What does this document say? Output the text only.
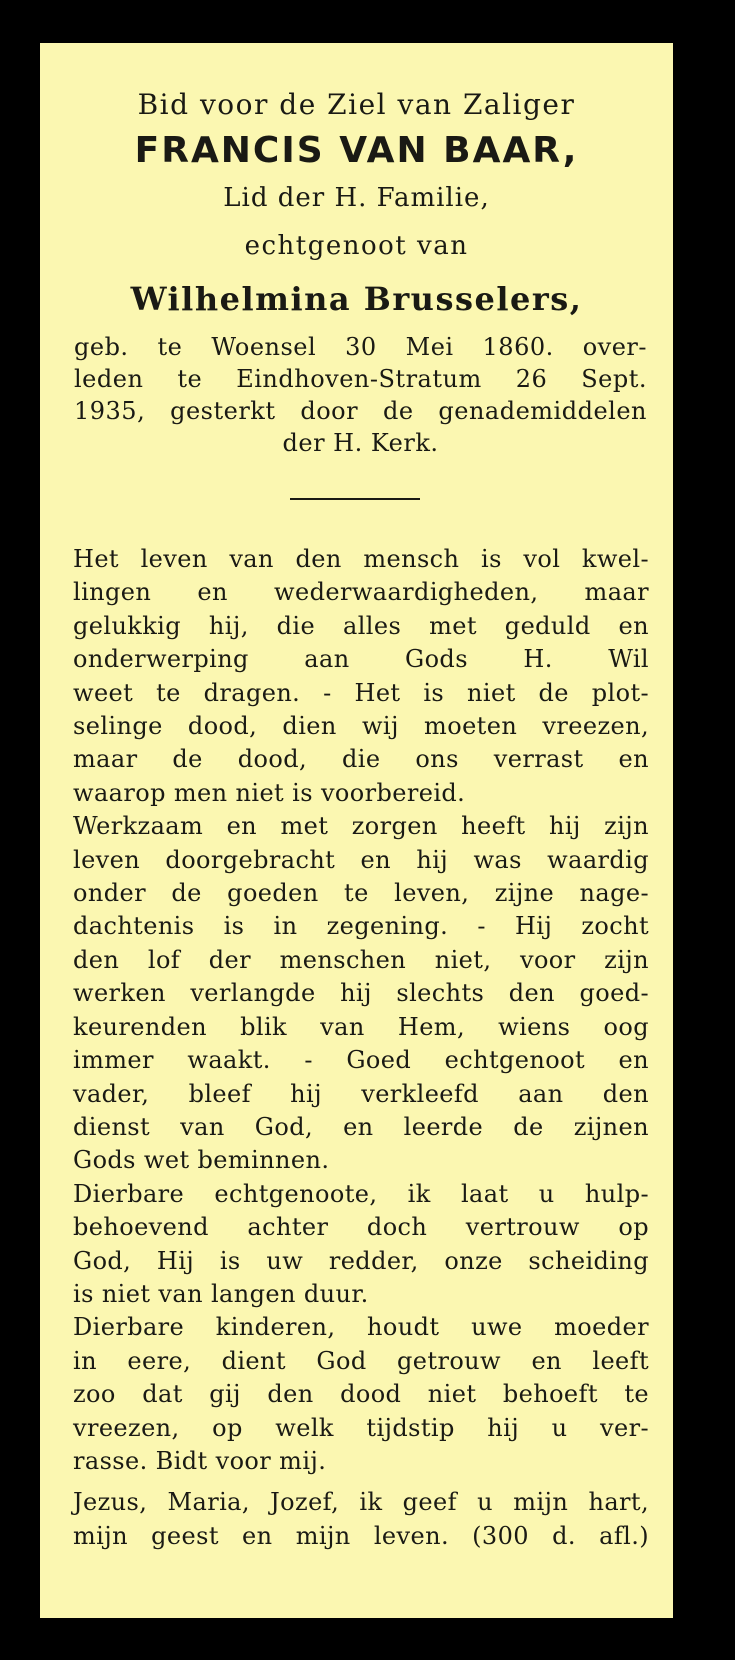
Bid voor de Ziel van Zaliger
FRANCIS VAN BAAR,
Lid der H. Familie,
echtgenoot van
Wilhelmina Brusselers,
geb. te Woensel 30 Mei 1860. over-
leden te Eindhoven-Stratum 26 Sept.
1935, gesterkt door de genademiddelen
der H. Kerk.
Het leven van den mensch is vol kwel-
lingen en wederwaardigheden, maar
gelukkig hij, die alles met geduld en
onderwerping aan Gods H. Wil
weet te dragen. - Het is niet de plot-
selinge dood, dien wij moeten vreezen,
maar de dood, die ons verrast en
waarop men niet is voorbereid.
Werkzaam en met zorgen heeft hij zijn
leven doorgebracht en hij was waardig
onder de goeden te leven, zijne nage-
dachtenis is in zegening. - Hij zocht
den lof der menschen niet, voor zijn
werken verlangde hij slechts den goed-
keurenden blik van Hem, wiens oog
immer waakt. - Goed echtgenoot en
vader, bleef hij verkleefd aan den
dienst van God, en leerde de zijnen
Gods wet beminnen.
Dierbare echtgenoote, ik laat u hulp-
behoevend achter doch vertrouw op
God, Hij is uw redder, onze scheiding
is niet van langen duur.
Dierbare kinderen, houdt uwe moeder
in eere, dient God getrouw en leeft
zoo dat gij den dood niet behoeft te
vreezen, op welk tijdstip hij u ver-
rasse. Bidt voor mij.
Jezus, Maria, Jozef, ik geef u mijn hart,
mijn geest en mijn leven. (300 d. afl.)
